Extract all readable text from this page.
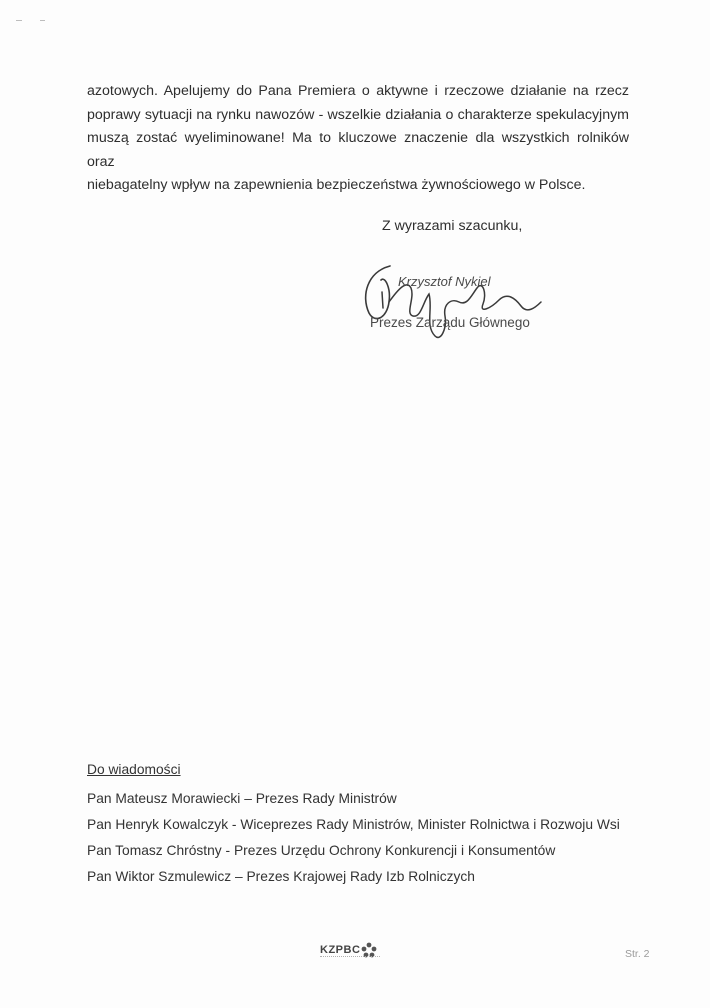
azotowych. Apelujemy do Pana Premiera o aktywne i rzeczowe działanie na rzecz

poprawy sytuacji na rynku nawozów - wszelkie działania o charakterze spekulacyjnym

muszą zostać wyeliminowane! Ma to kluczowe znaczenie dla wszystkich rolników oraz

niebagatelny wpływ na zapewnienia bezpieczeństwa żywnościowego w Polsce.

Z wyrazami szacunku,
Krzysztof Nykiel
Prezes Zarządu Głównego
Do wiadomości
Pan Mateusz Morawiecki – Prezes Rady Ministrów
Pan Henryk Kowalczyk - Wiceprezes Rady Ministrów, Minister Rolnictwa i Rozwoju Wsi
Pan Tomasz Chróstny - Prezes Urzędu Ochrony Konkurencji i Konsumentów
Pan Wiktor Szmulewicz – Prezes Krajowej Rady Izb Rolniczych
KZPBC	Str. 2
